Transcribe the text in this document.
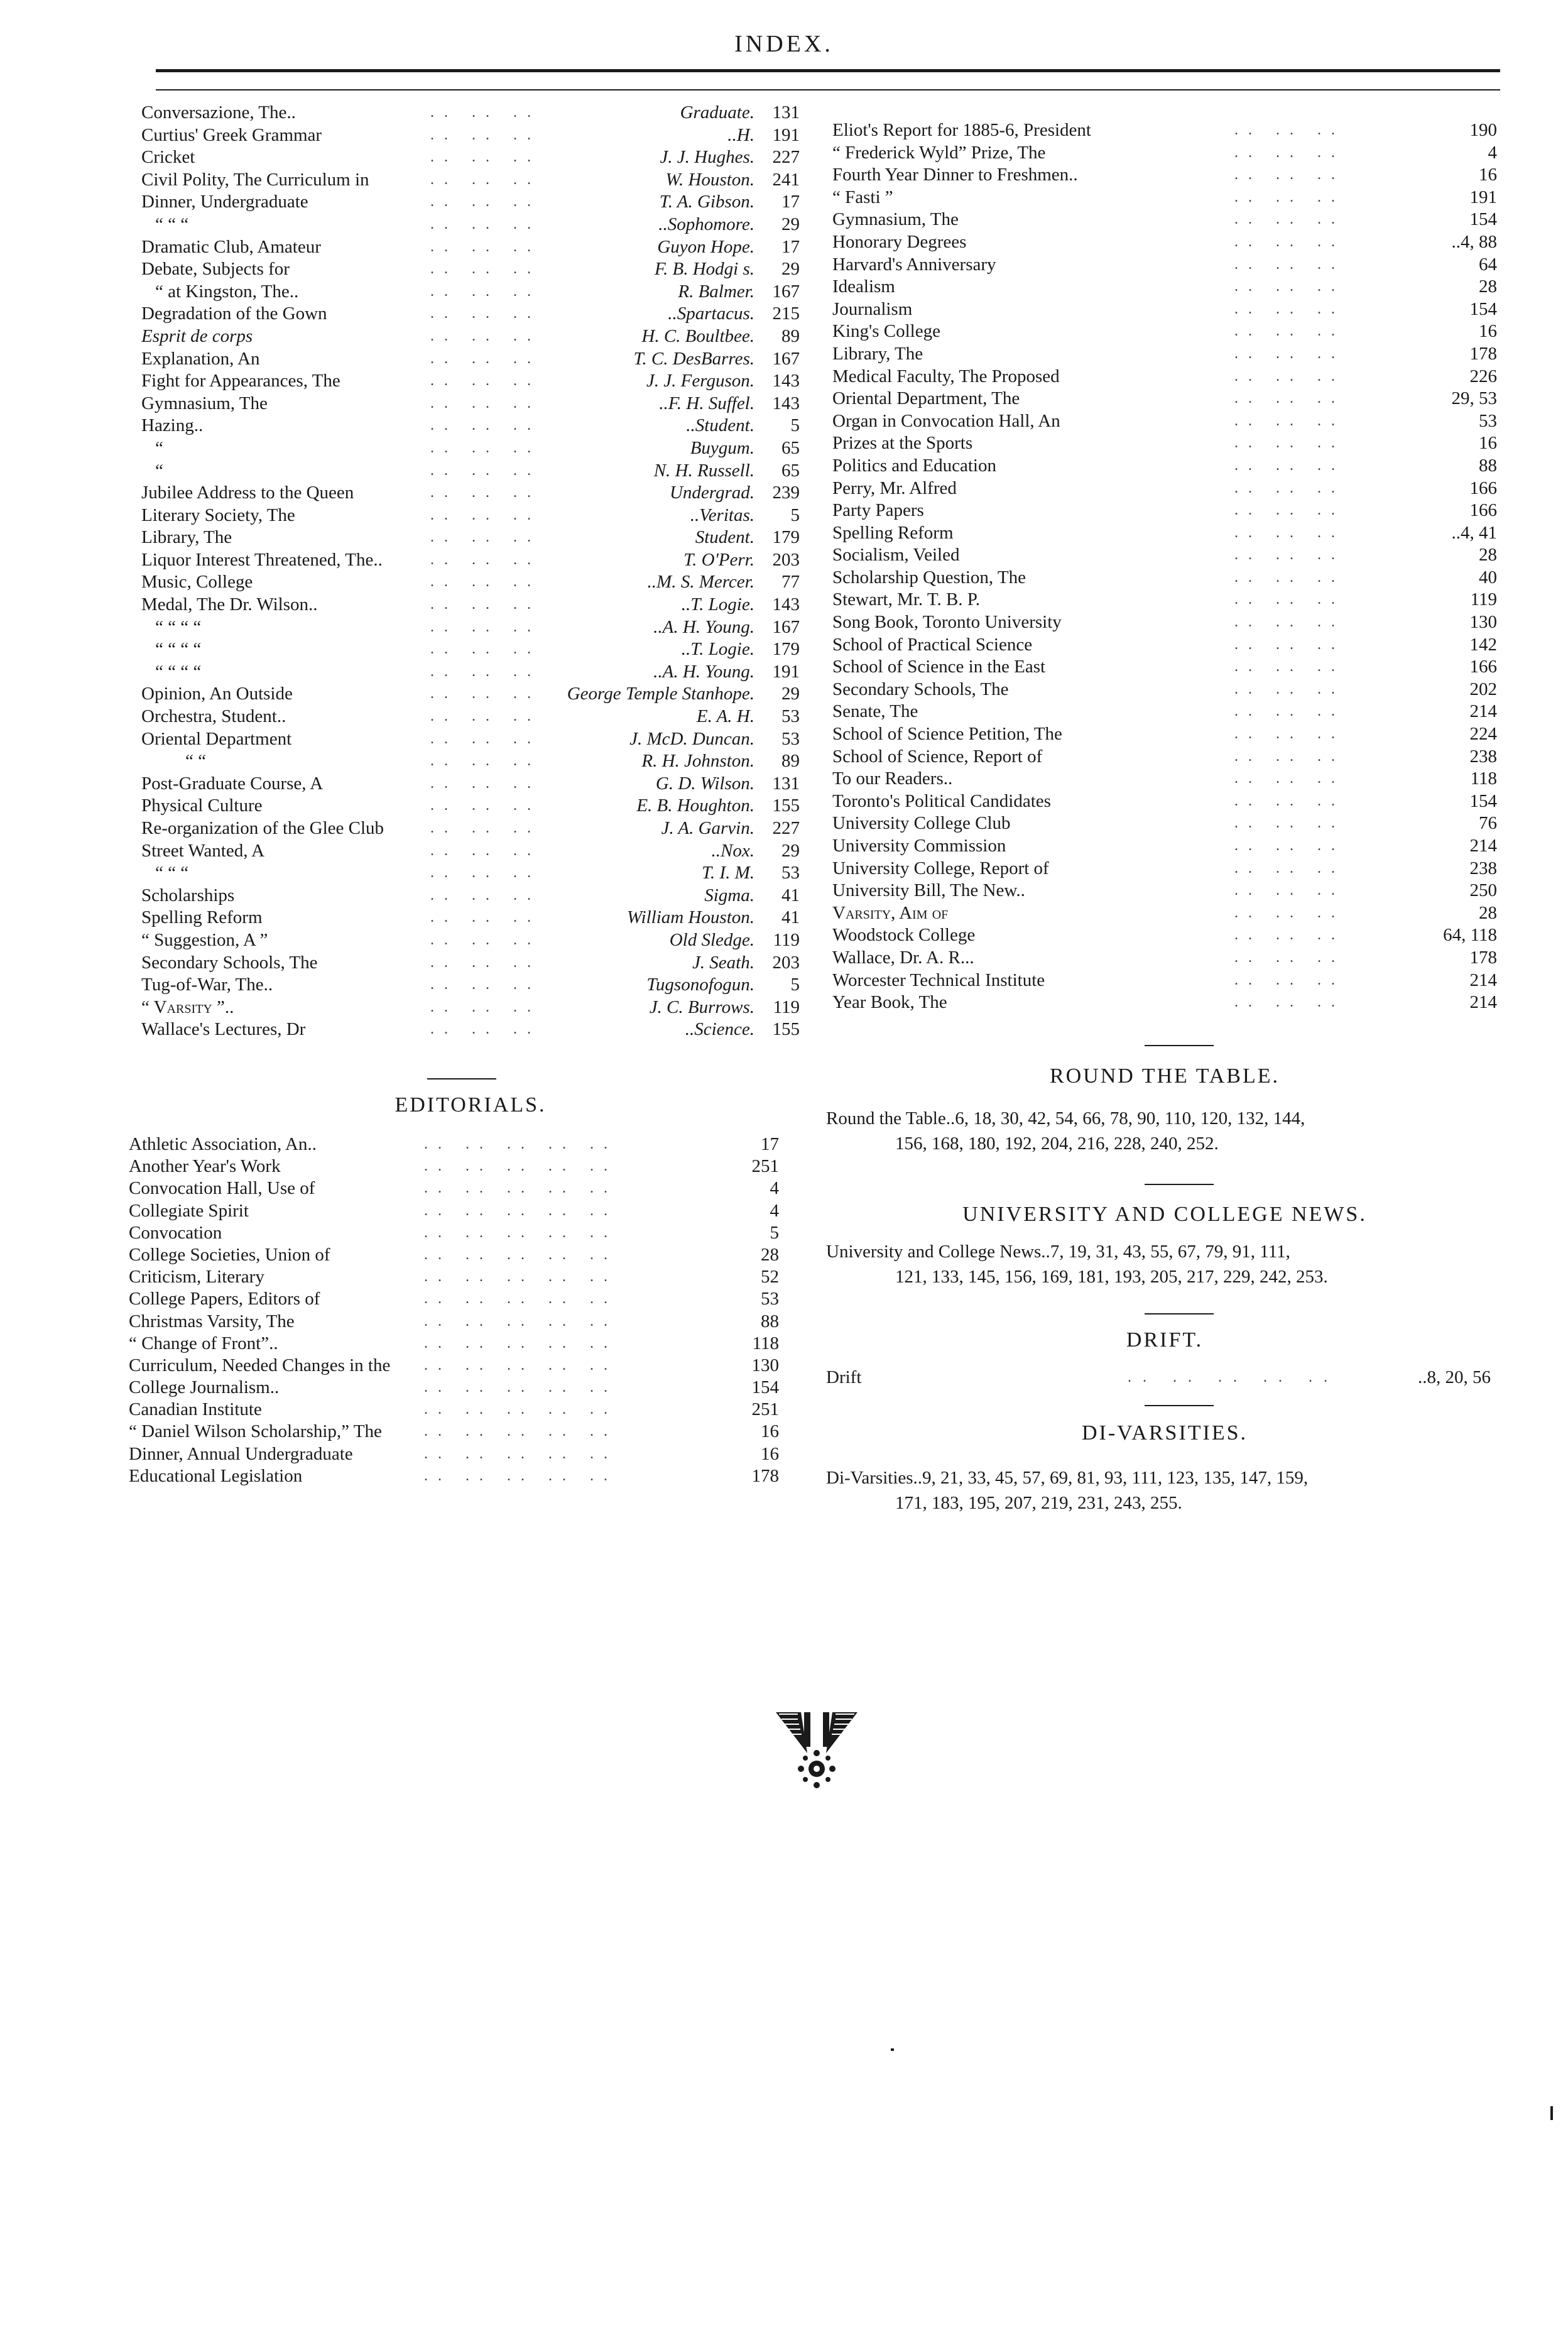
INDEX.
Conversazione, The..	.. .. ..	Graduate. 131
Curtius' Greek Grammar	.. .. ..	..H. 191
Cricket	.. .. ..	J. J. Hughes. 227
Civil Polity, The Curriculum in	.. .. ..	W. Houston. 241
Dinner, Undergraduate	.. .. ..	T. A. Gibson.	17
“ “ “	.. .. ..	..Sophomore.	29
Dramatic Club, Amateur	.. .. ..	Guyon Hope.	17
Debate, Subjects for	.. .. ..	F. B. Hodgi s.	29
“ at Kingston, The..	.. .. ..	R. Balmer. 167
Degradation of the Gown	.. .. ..	..Spartacus. 215
Esprit de corps	.. .. ..	H. C. Boultbee.	89
Explanation, An	.. .. ..	T. C. DesBarres. 167
Fight for Appearances, The	.. .. ..	J. J. Ferguson. 143
Gymnasium, The	.. .. ..	..F. H. Suffel. 143
Hazing..	.. .. ..	..Student.	5
“	.. .. ..	Buygum.	65
“	.. .. ..	N. H. Russell.	65
Jubilee Address to the Queen	.. .. ..	Undergrad. 239
Literary Society, The	.. .. ..	..Veritas.	5
Library, The	.. .. ..	Student. 179
Liquor Interest Threatened, The..	.. .. ..	T. O'Perr. 203
Music, College	.. .. ..	..M. S. Mercer.	77
Medal, The Dr. Wilson..	.. .. ..	..T. Logie. 143
“ “ “ “	.. .. ..	..A. H. Young. 167
“ “ “ “	.. .. ..	..T. Logie. 179
“ “ “ “	.. .. ..	..A. H. Young. 191
Opinion, An Outside	.. .. .. George Temple Stanhope.	29
Orchestra, Student..	.. .. ..	E. A. H.	53
Oriental Department	.. .. ..	J. McD. Duncan.	53
“ “	.. .. ..	R. H. Johnston.	89
Post-Graduate Course, A	.. .. ..	G. D. Wilson. 131
Physical Culture	.. .. ..	E. B. Houghton. 155
Re-organization of the Glee Club	.. .. ..	J. A. Garvin. 227
Street Wanted, A	.. .. ..	..Nox.	29
“ “ “	.. .. ..	T. I. M.	53
Scholarships	.. .. ..	Sigma.	41
Spelling Reform	.. .. ..	William Houston.	41
“ Suggestion, A ”	.. .. ..	Old Sledge.	119
Secondary Schools, The	.. .. ..	J. Seath. 203
Tug-of-War, The..	.. .. ..	Tugsonofogun.	5
“ Varsity ”..	.. .. ..	J. C. Burrows.	119
Wallace's Lectures, Dr	.. .. ..	..Science. 155
Eliot's Report for 1885-6, President	.. .. ..	190
“ Frederick Wyld” Prize, The	.. .. ..	4
Fourth Year Dinner to Freshmen..	.. .. ..	16
“ Fasti ”	.. .. ..	191
Gymnasium, The	.. .. ..	154
Honorary Degrees	.. .. ..	..4, 88
Harvard's Anniversary	.. .. ..	64
Idealism	.. .. ..	28
Journalism	.. .. ..	154
King's College	.. .. ..	16
Library, The	.. .. ..	178
Medical Faculty, The Proposed	.. .. ..	226
Oriental Department, The	.. .. ..	29, 53
Organ in Convocation Hall, An	.. .. ..	53
Prizes at the Sports	.. .. ..	16
Politics and Education	.. .. ..	88
Perry, Mr. Alfred	.. .. ..	166
Party Papers	.. .. ..	166
Spelling Reform	.. .. ..	..4, 41
Socialism, Veiled	.. .. ..	28
Scholarship Question, The	.. .. ..	40
Stewart, Mr. T. B. P.	.. .. ..	119
Song Book, Toronto University	.. .. ..	130
School of Practical Science	.. .. ..	142
School of Science in the East	.. .. ..	166
Secondary Schools, The	.. .. ..	202
Senate, The	.. .. ..	214
School of Science Petition, The	.. .. ..	224
School of Science, Report of	.. .. ..	238
To our Readers..	.. .. ..	118
Toronto's Political Candidates	.. .. ..	154
University College Club	.. .. ..	76
University Commission	.. .. ..	214
University College, Report of	.. .. ..	238
University Bill, The New..	.. .. ..	250
Varsity, Aim of	.. .. ..	28
Woodstock College	.. .. ..	64, 118
Wallace, Dr. A. R...	.. .. ..	178
Worcester Technical Institute	.. .. ..	214
Year Book, The	.. .. ..	214
EDITORIALS.
Athletic Association, An..	.. .. .. .. ..	17
Another Year's Work	.. .. .. .. ..	251
Convocation Hall, Use of	.. .. .. .. ..	4
Collegiate Spirit	.. .. .. .. ..	4
Convocation	.. .. .. .. ..	5
College Societies, Union of	.. .. .. .. ..	28
Criticism, Literary	.. .. .. .. ..	52
College Papers, Editors of	.. .. .. .. ..	53
Christmas Varsity, The	.. .. .. .. ..	88
“ Change of Front”..	.. .. .. .. ..	118
Curriculum, Needed Changes in the .. .. .. .. ..	130
College Journalism..	.. .. .. .. ..	154
Canadian Institute	.. .. .. .. ..	251
“ Daniel Wilson Scholarship,” The	.. .. .. .. ..	16
Dinner, Annual Undergraduate	.. .. .. .. ..	16
Educational Legislation	.. .. .. .. ..	178
ROUND THE TABLE.
Round the Table..6, 18, 30, 42, 54, 66, 78, 90, 110, 120, 132, 144,
156, 168, 180, 192, 204, 216, 228, 240, 252.
UNIVERSITY AND COLLEGE NEWS.
University and College News..7, 19, 31, 43, 55, 67, 79, 91, 111,
121, 133, 145, 156, 169, 181, 193, 205, 217, 229, 242, 253.
DRIFT.
Drift	.. .. .. .. ..	..8, 20, 56
DI-VARSITIES.
Di-Varsities..9, 21, 33, 45, 57, 69, 81, 93, 111, 123, 135, 147, 159,
171, 183, 195, 207, 219, 231, 243, 255.
